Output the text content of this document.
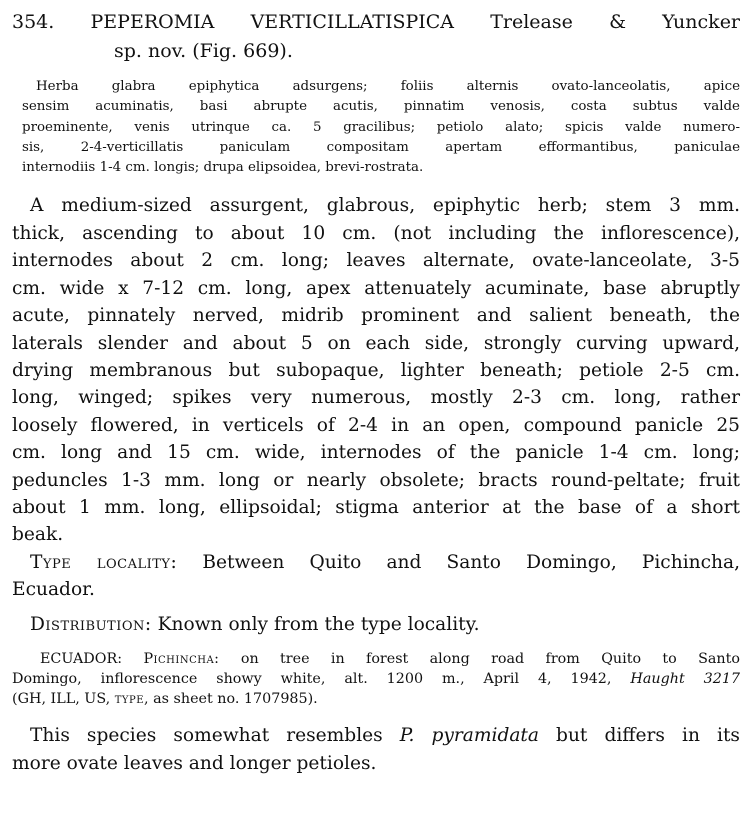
354. PEPEROMIA VERTICILLATISPICA Trelease & Yuncker
sp. nov. (Fig. 669).
Herba glabra epiphytica adsurgens; foliis alternis ovato-lanceolatis, apice
sensim acuminatis, basi abrupte acutis, pinnatim venosis, costa subtus valde
proeminente, venis utrinque ca. 5 gracilibus; petiolo alato; spicis valde numero-
sis, 2-4-verticillatis paniculam compositam apertam efformantibus, paniculae
internodiis 1-4 cm. longis; drupa elipsoidea, brevi-rostrata.
A medium-sized assurgent, glabrous, epiphytic herb; stem 3 mm.
thick, ascending to about 10 cm. (not including the inflorescence),
internodes about 2 cm. long; leaves alternate, ovate-lanceolate, 3-5
cm. wide x 7-12 cm. long, apex attenuately acuminate, base abruptly
acute, pinnately nerved, midrib prominent and salient beneath, the
laterals slender and about 5 on each side, strongly curving upward,
drying membranous but subopaque, lighter beneath; petiole 2-5 cm.
long, winged; spikes very numerous, mostly 2-3 cm. long, rather
loosely flowered, in verticels of 2-4 in an open, compound panicle 25
cm. long and 15 cm. wide, internodes of the panicle 1-4 cm. long;
peduncles 1-3 mm. long or nearly obsolete; bracts round-peltate; fruit
about 1 mm. long, ellipsoidal; stigma anterior at the base of a short
beak.
Type locality: Between Quito and Santo Domingo, Pichincha,
Ecuador.
Distribution: Known only from the type locality.
ECUADOR: Pichincha: on tree in forest along road from Quito to Santo
Domingo, inflorescence showy white, alt. 1200 m., April 4, 1942, Haught 3217
(GH, ILL, US, type, as sheet no. 1707985).
This species somewhat resembles P. pyramidata but differs in its
more ovate leaves and longer petioles.
